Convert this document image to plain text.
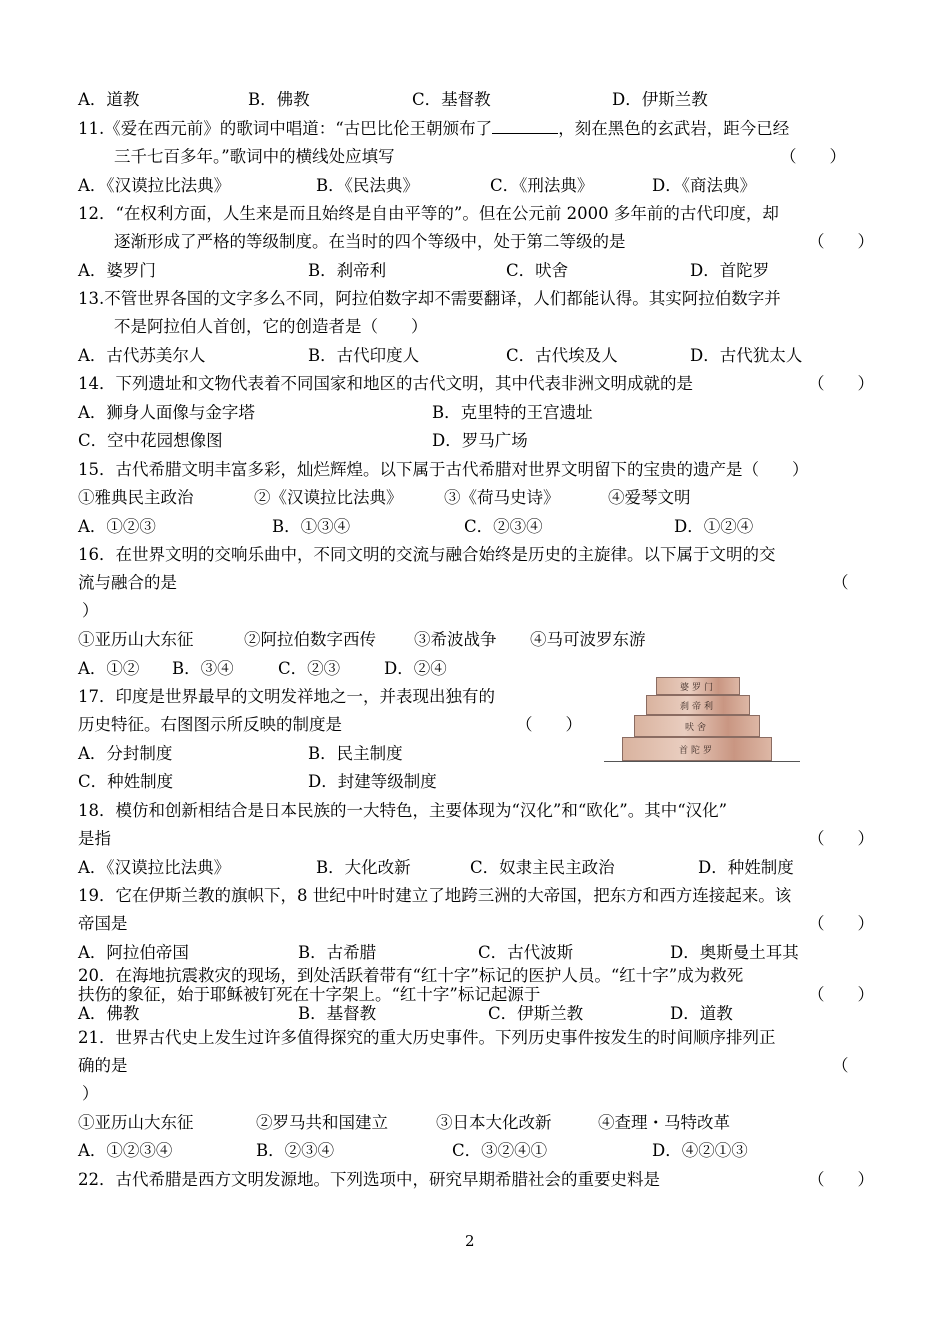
A．道教	B．佛教	C．基督教	D．伊斯兰教
11.《爱在西元前》的歌词中唱道：“古巴比伦王朝颁布了	，刻在黑色的玄武岩，距今已经
三千七百多年。”歌词中的横线处应填写	（　　）
A．《汉谟拉比法典》	B．《民法典》	C．《刑法典》	D．《商法典》
12．“在权利方面，人生来是而且始终是自由平等的”。但在公元前 2000 多年前的古代印度，却
逐渐形成了严格的等级制度。在当时的四个等级中，处于第二等级的是	（　　）
A．婆罗门	B．刹帝利	C．吠舍	D．首陀罗
13.不管世界各国的文字多么不同，阿拉伯数字却不需要翻译，人们都能认得。其实阿拉伯数字并
不是阿拉伯人首创，它的创造者是（　　）
A．古代苏美尔人	B．古代印度人	C．古代埃及人	D．古代犹太人
14．下列遗址和文物代表着不同国家和地区的古代文明，其中代表非洲文明成就的是	（　　）
A．狮身人面像与金字塔	B．克里特的王宫遗址
C．空中花园想像图	D．罗马广场
15．古代希腊文明丰富多彩，灿烂辉煌。以下属于古代希腊对世界文明留下的宝贵的遗产是（　　）
①雅典民主政治	②《汉谟拉比法典》	③《荷马史诗》	④爱琴文明
A．①②③	B．①③④	C．②③④	D．①②④
16．在世界文明的交响乐曲中，不同文明的交流与融合始终是历史的主旋律。以下属于文明的交
流与融合的是	（
）
①亚历山大东征	②阿拉伯数字西传 ③希波战争 ④马可波罗东游
A．①② B．③④	C．②③	D．②④
17．印度是世界最早的文明发祥地之一，并表现出独有的
历史特征。右图图示所反映的制度是	（　　）
A．分封制度	B．民主制度
C．种姓制度	D．封建等级制度
婆罗门
刹帝利
吠舍
首陀罗
18．模仿和创新相结合是日本民族的一大特色，主要体现为“汉化”和“欧化”。其中“汉化”
是指	（　　）
A．《汉谟拉比法典》	B．大化改新	C．奴隶主民主政治	D．种姓制度
19．它在伊斯兰教的旗帜下，8 世纪中叶时建立了地跨三洲的大帝国，把东方和西方连接起来。该
帝国是	（　　）
A．阿拉伯帝国	B．古希腊	C．古代波斯	D．奥斯曼土耳其
20．在海地抗震救灾的现场，到处活跃着带有“红十字”标记的医护人员。“红十字”成为救死
扶伤的象征，始于耶稣被钉死在十字架上。“红十字”标记起源于	（　　）
A．佛教	B．基督教	C．伊斯兰教	D．道教
21．世界古代史上发生过许多值得探究的重大历史事件。下列历史事件按发生的时间顺序排列正
确的是	（
）
①亚历山大东征	②罗马共和国建立	③日本大化改新	④查理・马特改革
A．①②③④	B．②③④	C．③②④①	D．④②①③
22．古代希腊是西方文明发源地。下列选项中，研究早期希腊社会的重要史料是	（　　）
2
